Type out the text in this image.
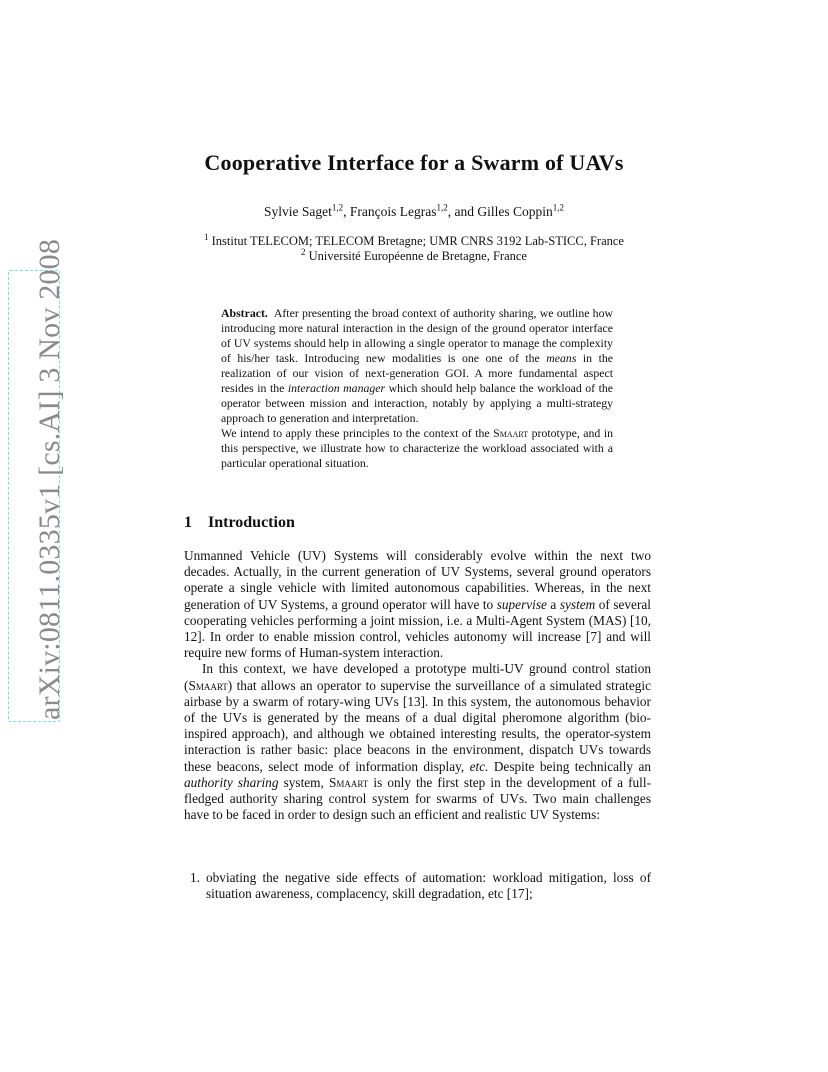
arXiv:0811.0335v1 [cs.AI] 3 Nov 2008
Cooperative Interface for a Swarm of UAVs
Sylvie Saget$^{1,2}$, François Legras$^{1,2}$, and Gilles Coppin$^{1,2}$
$^1$ Institut TELECOM; TELECOM Bretagne; UMR CNRS 3192 Lab-STICC, France
$^2$ Université Européenne de Bretagne, France

Abstract. After presenting the broad context of authority sharing, we outline how introducing more natural interaction in the design of the ground operator interface of UV systems should help in allowing a single operator to manage the complexity of his/her task. Introducing new modalities is one one of the means in the realization of our vision of next-generation GOI. A more fundamental aspect resides in the interaction manager which should help balance the workload of the operator between mission and interaction, notably by applying a multi-strategy approach to generation and interpretation.

We intend to apply these principles to the context of the Smaart prototype, and in this perspective, we illustrate how to characterize the workload associated with a particular operational situation.

1 Introduction

Unmanned Vehicle (UV) Systems will considerably evolve within the next two decades. Actually, in the current generation of UV Systems, several ground operators operate a single vehicle with limited autonomous capabilities. Whereas, in the next generation of UV Systems, a ground operator will have to supervise a system of several cooperating vehicles performing a joint mission, i.e. a Multi-Agent System (MAS) [10, 12]. In order to enable mission control, vehicles autonomy will increase [7] and will require new forms of Human-system interaction.

In this context, we have developed a prototype multi-UV ground control station (Smaart) that allows an operator to supervise the surveillance of a simulated strategic airbase by a swarm of rotary-wing UVs [13]. In this system, the autonomous behavior of the UVs is generated by the means of a dual digital pheromone algorithm (bio-inspired approach), and although we obtained interesting results, the operator-system interaction is rather basic: place beacons in the environment, dispatch UVs towards these beacons, select mode of information display, etc. Despite being technically an authority sharing system, Smaart is only the first step in the development of a full-fledged authority sharing control system for swarms of UVs. Two main challenges have to be faced in order to design such an efficient and realistic UV Systems:

1. obviating the negative side effects of automation: workload mitigation, loss of situation awareness, complacency, skill degradation, etc [17];
